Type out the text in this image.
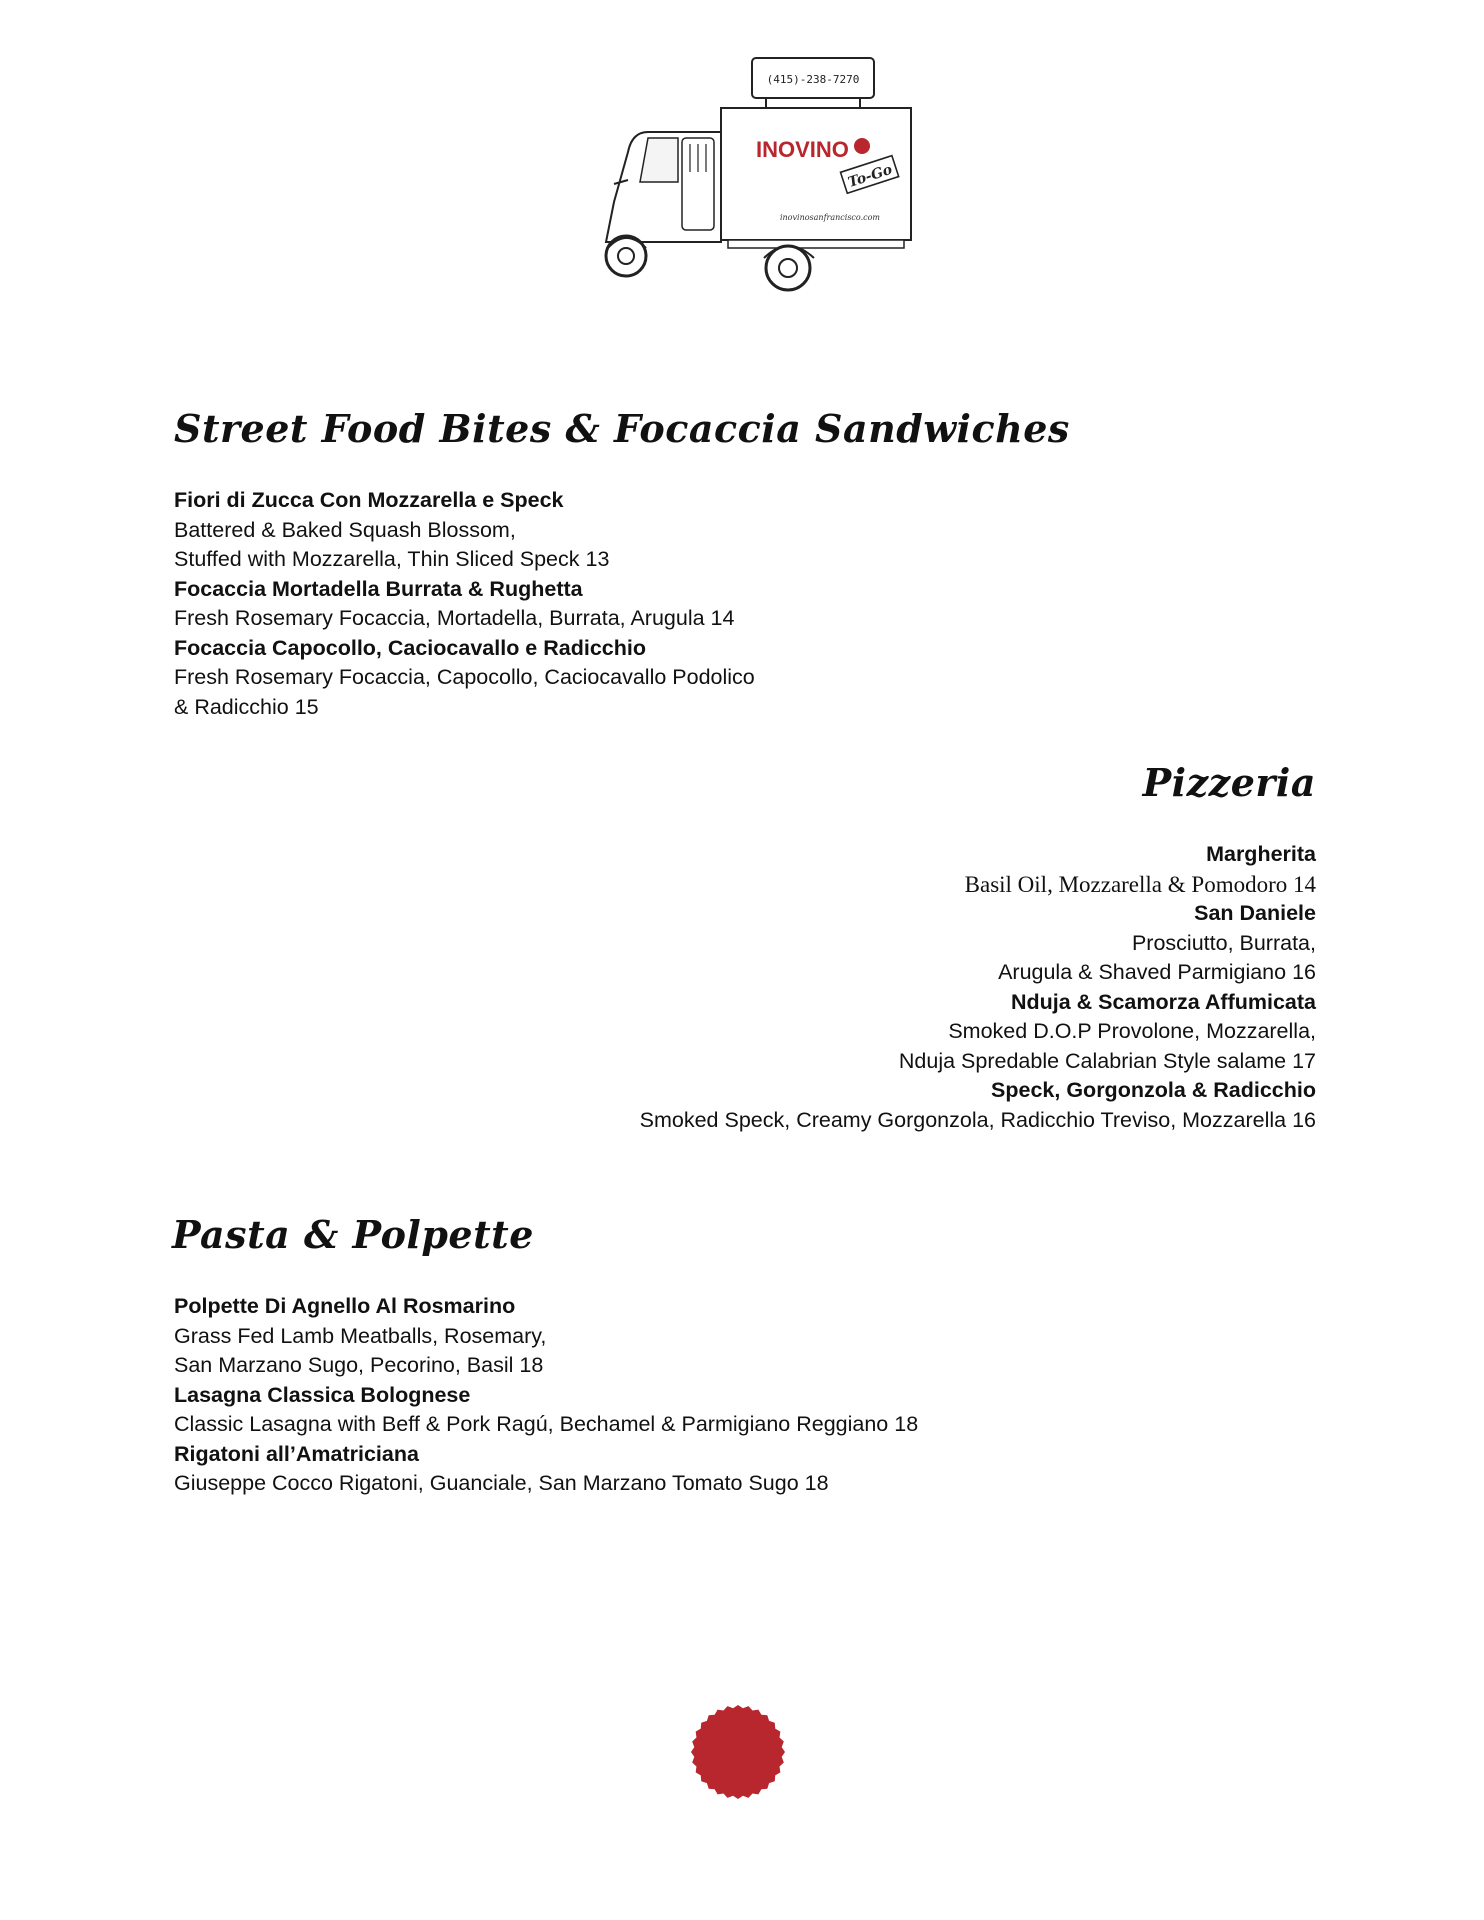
(415)-238-7270
INOVINO
To-Go
inovinosanfrancisco.com
Street Food Bites & Focaccia Sandwiches
Fiori di Zucca Con Mozzarella e Speck
Battered & Baked Squash Blossom,
Stuffed with Mozzarella, Thin Sliced Speck 13
Focaccia Mortadella Burrata & Rughetta
Fresh Rosemary Focaccia, Mortadella, Burrata, Arugula 14
Focaccia Capocollo, Caciocavallo e Radicchio
Fresh Rosemary Focaccia, Capocollo, Caciocavallo Podolico
& Radicchio 15
Pizzeria
Margherita
Basil Oil, Mozzarella & Pomodoro 14
San Daniele
Prosciutto, Burrata,
Arugula & Shaved Parmigiano 16
Nduja & Scamorza Affumicata
Smoked D.O.P Provolone, Mozzarella,
Nduja Spredable Calabrian Style salame 17
Speck, Gorgonzola & Radicchio
Smoked Speck, Creamy Gorgonzola, Radicchio Treviso, Mozzarella 16
Pasta & Polpette
Polpette Di Agnello Al Rosmarino
Grass Fed Lamb Meatballs, Rosemary,
San Marzano Sugo, Pecorino, Basil 18
Lasagna Classica Bolognese
Classic Lasagna with Beff & Pork Ragú, Bechamel & Parmigiano Reggiano 18
Rigatoni all’Amatriciana
Giuseppe Cocco Rigatoni, Guanciale, San Marzano Tomato Sugo 18
